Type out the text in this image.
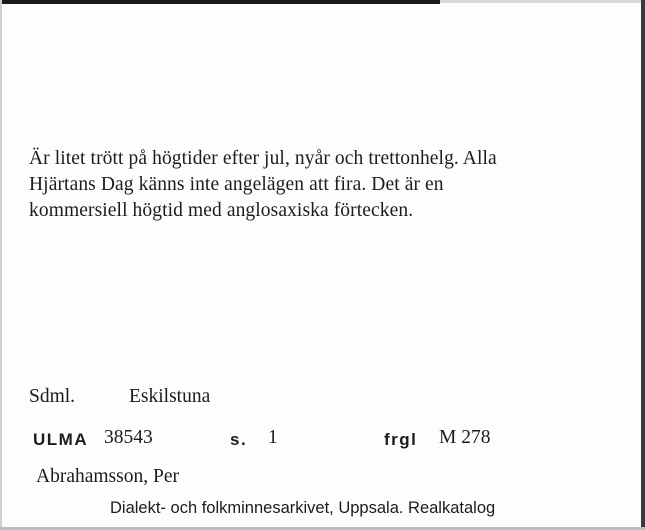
Är litet trött på högtider efter jul, nyår och trettonhelg. Alla
Hjärtans Dag känns inte angelägen att fira. Det är en
kommersiell högtid med anglosaxiska förtecken.
Sdml.	Eskilstuna
ULMA 38543	s. 1	frgl M 278
Abrahamsson, Per
Dialekt- och folkminnesarkivet, Uppsala. Realkatalog
